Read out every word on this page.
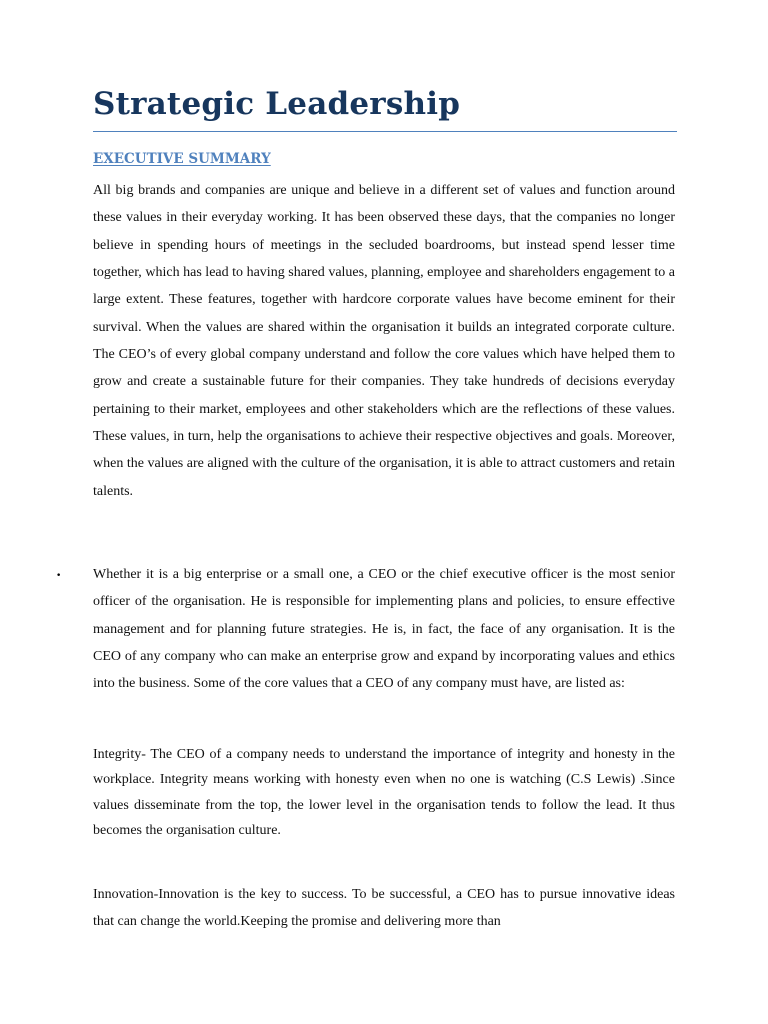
Strategic Leadership
EXECUTIVE SUMMARY

All big brands and companies are unique and believe in a different set of values and function around these values in their everyday working. It has been observed these days, that the companies no longer believe in spending hours of meetings in the secluded boardrooms, but instead spend lesser time together, which has lead to having shared values, planning, employee and shareholders engagement to a large extent. These features, together with hardcore corporate values have become eminent for their survival. When the values are shared within the organisation it builds an integrated corporate culture. The CEO’s of every global company understand and follow the core values which have helped them to grow and create a sustainable future for their companies. They take hundreds of decisions everyday pertaining to their market, employees and other stakeholders which are the reflections of these values. These values, in turn, help the organisations to achieve their respective objectives and goals. Moreover, when the values are aligned with the culture of the organisation, it is able to attract customers and retain talents.

• Whether it is a big enterprise or a small one, a CEO or the chief executive officer is the most senior officer of the organisation. He is responsible for implementing plans and policies, to ensure effective management and for planning future strategies. He is, in fact, the face of any organisation. It is the CEO of any company who can make an enterprise grow and expand by incorporating values and ethics into the business. Some of the core values that a CEO of any company must have, are listed as:

Integrity- The CEO of a company needs to understand the importance of integrity and honesty in the workplace. Integrity means working with honesty even when no one is watching (C.S Lewis) .Since values disseminate from the top, the lower level in the organisation tends to follow the lead. It thus becomes the organisation culture.

Innovation-Innovation is the key to success. To be successful, a CEO has to pursue innovative ideas that can change the world.Keeping the promise and delivering more than
